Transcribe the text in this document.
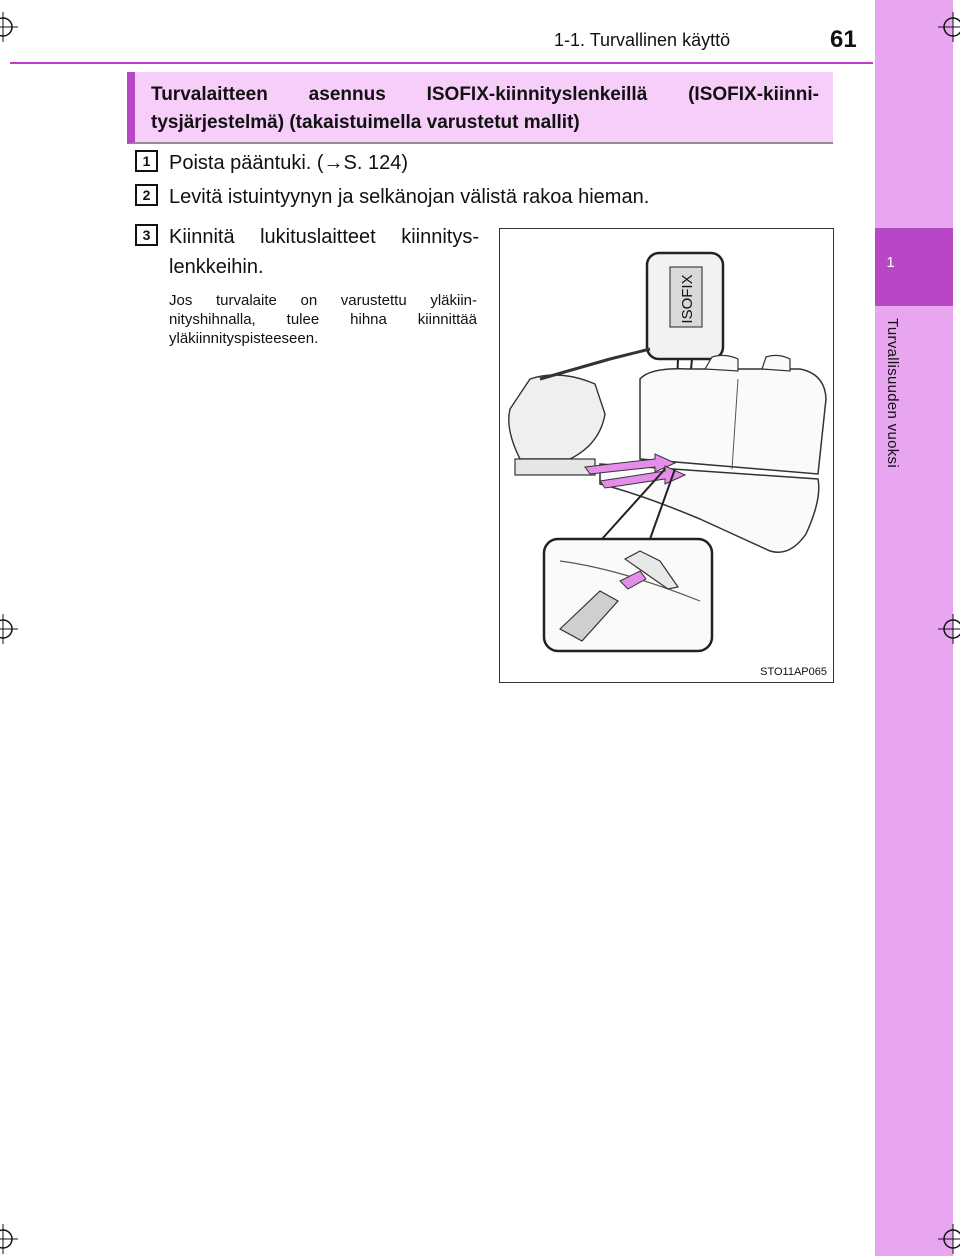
1-1. Turvallinen käyttö	61
1
Turvallisuuden vuoksi
Turvalaitteen asennus ISOFIX-kiinnityslenkeillä (ISOFIX-kiinni-tysjärjestelmä) (takaistuimella varustetut mallit)
1 Poista pääntuki. (→S. 124)
2 Levitä istuintyynyn ja selkänojan välistä rakoa hieman.
3 Kiinnitä lukituslaitteet kiinnitys-lenkkeihin.
Jos turvalaite on varustettu yläkiin-nityshihnalla, tulee hihna kiinnittää yläkiinnityspisteeseen.
ISOFIX
STO11AP065
